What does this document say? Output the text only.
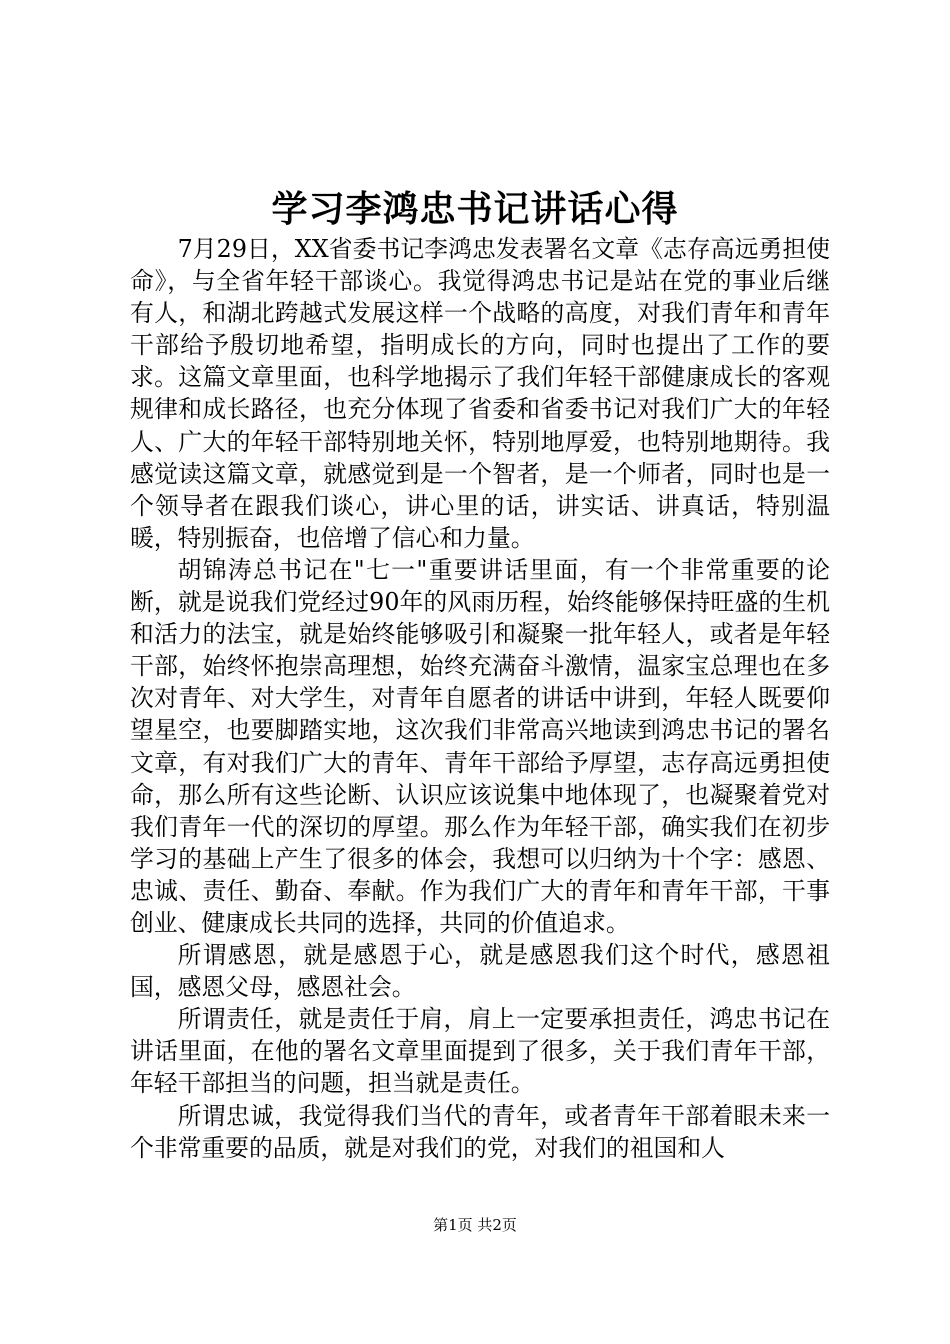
学习李鸿忠书记讲话心得

7月29日，XX省委书记李鸿忠发表署名文章《志存高远勇担使命》，与全省年轻干部谈心。我觉得鸿忠书记是站在党的事业后继有人，和湖北跨越式发展这样一个战略的高度，对我们青年和青年干部给予殷切地希望，指明成长的方向，同时也提出了工作的要求。这篇文章里面，也科学地揭示了我们年轻干部健康成长的客观规律和成长路径，也充分体现了省委和省委书记对我们广大的年轻人、广大的年轻干部特别地关怀，特别地厚爱，也特别地期待。我感觉读这篇文章，就感觉到是一个智者，是一个师者，同时也是一个领导者在跟我们谈心，讲心里的话，讲实话、讲真话，特别温暖，特别振奋，也倍增了信心和力量。

胡锦涛总书记在"七一"重要讲话里面，有一个非常重要的论断，就是说我们党经过90年的风雨历程，始终能够保持旺盛的生机和活力的法宝，就是始终能够吸引和凝聚一批年轻人，或者是年轻干部，始终怀抱崇高理想，始终充满奋斗激情，温家宝总理也在多次对青年、对大学生，对青年自愿者的讲话中讲到，年轻人既要仰望星空，也要脚踏实地，这次我们非常高兴地读到鸿忠书记的署名文章，有对我们广大的青年、青年干部给予厚望，志存高远勇担使命，那么所有这些论断、认识应该说集中地体现了，也凝聚着党对我们青年一代的深切的厚望。那么作为年轻干部，确实我们在初步学习的基础上产生了很多的体会，我想可以归纳为十个字：感恩、忠诚、责任、勤奋、奉献。作为我们广大的青年和青年干部，干事创业、健康成长共同的选择，共同的价值追求。

所谓感恩，就是感恩于心，就是感恩我们这个时代，感恩祖国，感恩父母，感恩社会。

所谓责任，就是责任于肩，肩上一定要承担责任，鸿忠书记在讲话里面，在他的署名文章里面提到了很多，关于我们青年干部，年轻干部担当的问题，担当就是责任。

所谓忠诚，我觉得我们当代的青年，或者青年干部着眼未来一个非常重要的品质，就是对我们的党，对我们的祖国和人

第1页 共2页
